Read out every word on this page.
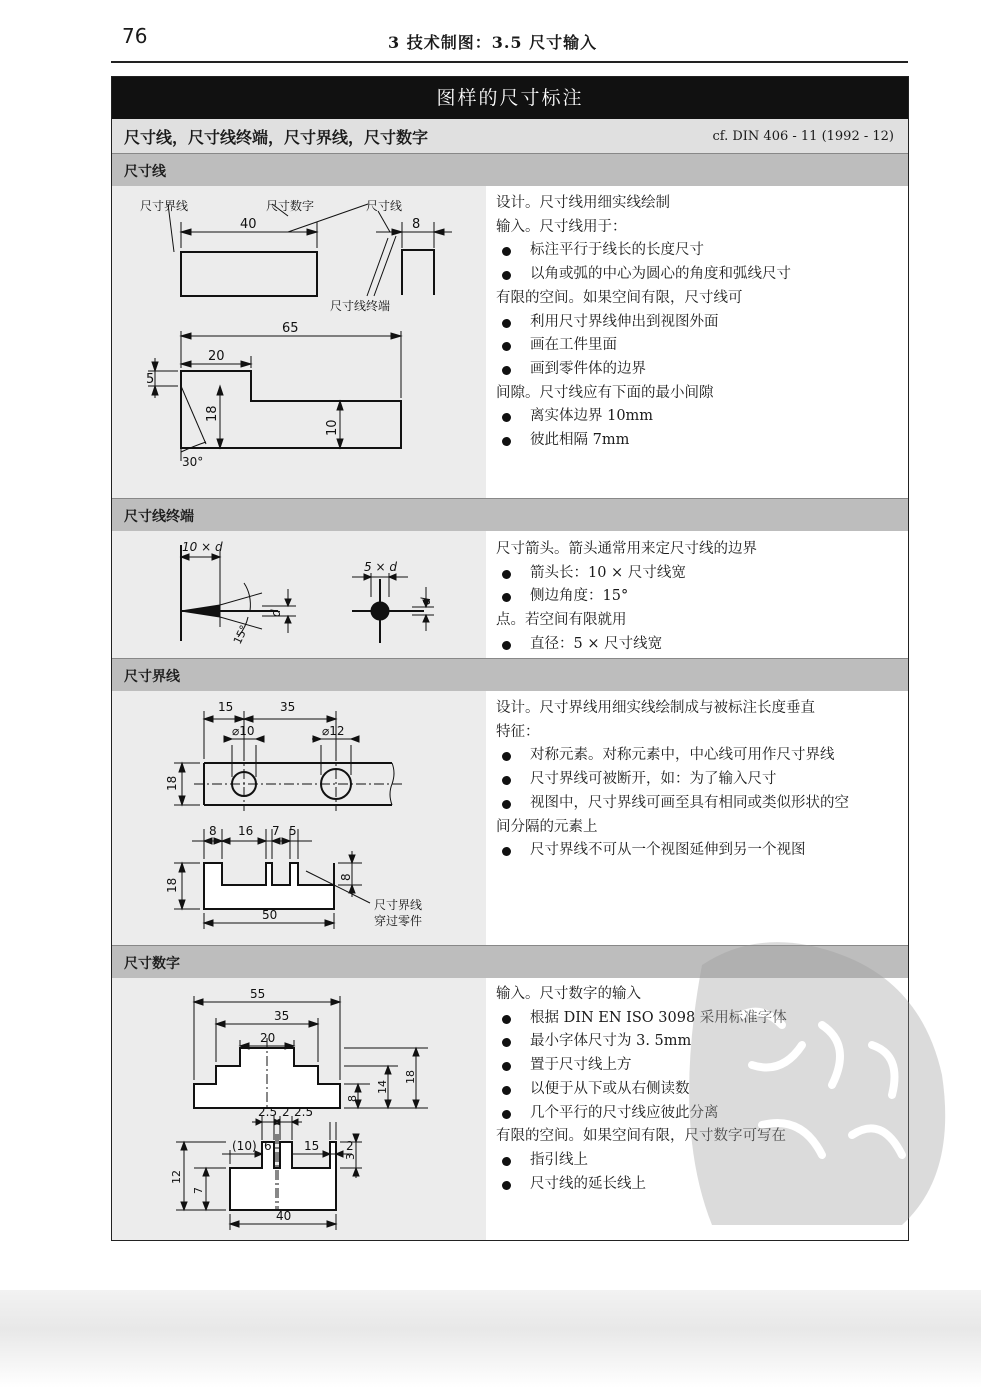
76	3 技术制图：3.5 尺寸输入
图样的尺寸标注
尺寸线，尺寸线终端，尺寸界线，尺寸数字	cf. DIN 406 - 11 (1992 - 12)
尺寸线
设计。尺寸线用细实线绘制
输入。尺寸线用于：
标注平行于线长的长度尺寸
以角或弧的中心为圆心的角度和弧线尺寸
有限的空间。如果空间有限，尺寸线可
利用尺寸界线伸出到视图外面
画在工件里面
画到零件体的边界
间隙。尺寸线应有下面的最小间隙
离实体边界 10mm
彼此相隔 7mm
尺寸界线	尺寸数字	尺寸线
尺寸线终端
40	8
65
20
5
18
10
30°
尺寸线终端
尺寸箭头。箭头通常用来定尺寸线的边界
箭头长：10 × 尺寸线宽
侧边角度：15°
点。若空间有限就用
直径：5 × 尺寸线宽
10 × d
5 × d
d
d
15°
尺寸界线
设计。尺寸界线用细实线绘制成与被标注长度垂直
特征：
对称元素。对称元素中，中心线可用作尺寸界线
尺寸界线可被断开，如：为了输入尺寸
视图中，尺寸界线可画至具有相同或类似形状的空
间分隔的元素上
尺寸界线不可从一个视图延伸到另一个视图
15	35
⌀10	⌀12
18
8 16 7 5
18
8
50
尺寸界线
穿过零件
尺寸数字
输入。尺寸数字的输入
根据 DIN EN ISO 3098 采用标准字体
最小字体尺寸为 3. 5mm
置于尺寸线上方
以便于从下或从右侧读数
几个平行的尺寸线应彼此分离
有限的空间。如果空间有限，尺寸数字可写在
指引线上
尺寸线的延长线上
55
35
20
8
14
18
2.5 2 2.5
(10) 6	15 2
12
7
3
40
